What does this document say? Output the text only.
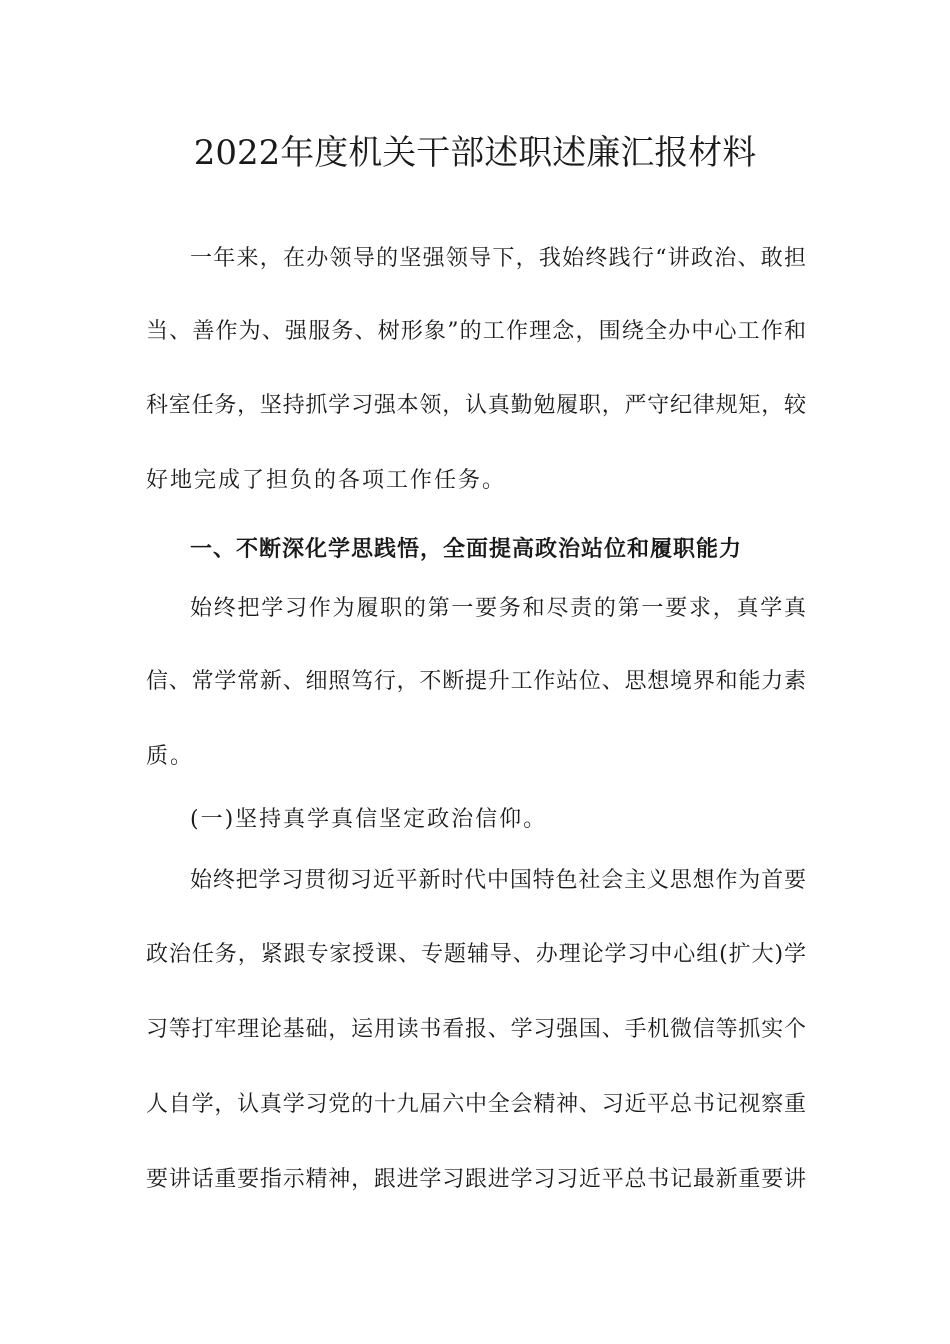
2022年度机关干部述职述廉汇报材料
一年来，在办领导的坚强领导下，我始终践行“讲政治、敢担
当、善作为、强服务、树形象”的工作理念，围绕全办中心工作和
科室任务，坚持抓学习强本领，认真勤勉履职，严守纪律规矩，较
好地完成了担负的各项工作任务。
一、不断深化学思践悟，全面提高政治站位和履职能力
始终把学习作为履职的第一要务和尽责的第一要求，真学真
信、常学常新、细照笃行，不断提升工作站位、思想境界和能力素
质。
(一)坚持真学真信坚定政治信仰。
始终把学习贯彻习近平新时代中国特色社会主义思想作为首要
政治任务，紧跟专家授课、专题辅导、办理论学习中心组(扩大)学
习等打牢理论基础，运用读书看报、学习强国、手机微信等抓实个
人自学，认真学习党的十九届六中全会精神、习近平总书记视察重
要讲话重要指示精神，跟进学习跟进学习习近平总书记最新重要讲
